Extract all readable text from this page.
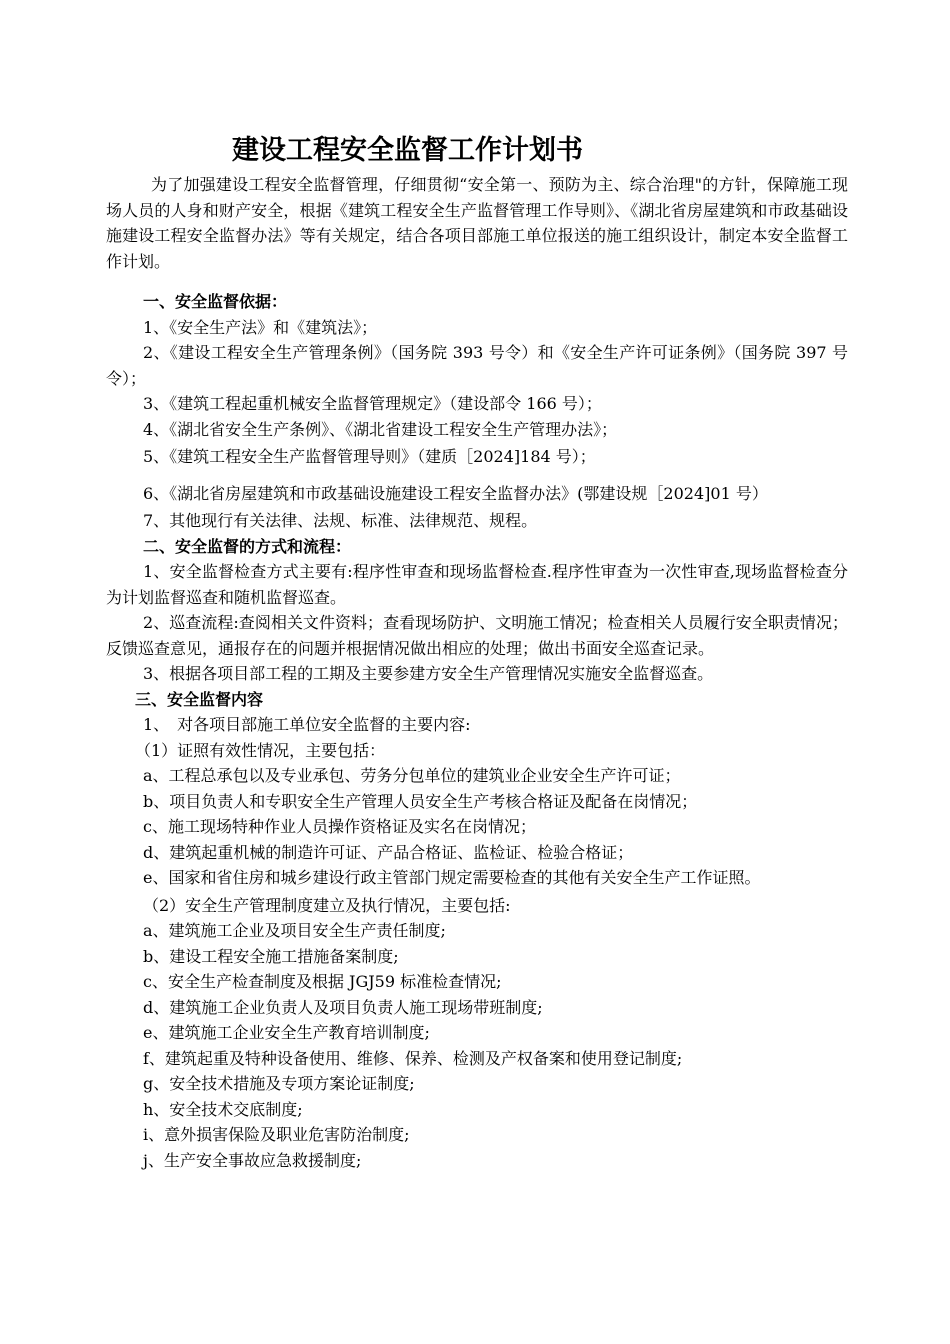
建设工程安全监督工作计划书

为了加强建设工程安全监督管理，仔细贯彻“安全第一、预防为主、综合治理"的方针，保障施工现场人员的人身和财产安全，根据《建筑工程安全生产监督管理工作导则》、《湖北省房屋建筑和市政基础设施建设工程安全监督办法》等有关规定，结合各项目部施工单位报送的施工组织设计，制定本安全监督工作计划。

一、安全监督依据：

1、《安全生产法》和《建筑法》；

2、《建设工程安全生产管理条例》（国务院 393 号令）和《安全生产许可证条例》（国务院 397 号令）；

3、《建筑工程起重机械安全监督管理规定》（建设部令 166 号）；

4、《湖北省安全生产条例》、《湖北省建设工程安全生产管理办法》；

5、《建筑工程安全生产监督管理导则》（建质［2024]184 号）；

6、《湖北省房屋建筑和市政基础设施建设工程安全监督办法》(鄂建设规［2024]01 号）

7、其他现行有关法律、法规、标准、法律规范、规程。

二、安全监督的方式和流程：

1、安全监督检查方式主要有:程序性审查和现场监督检查.程序性审查为一次性审查,现场监督检查分为计划监督巡查和随机监督巡查。

2、巡查流程:查阅相关文件资料；查看现场防护、文明施工情况；检查相关人员履行安全职责情况；反馈巡查意见，通报存在的问题并根据情况做出相应的处理；做出书面安全巡查记录。

3、根据各项目部工程的工期及主要参建方安全生产管理情况实施安全监督巡查。

三、安全监督内容

1、　对各项目部施工单位安全监督的主要内容:

（1）证照有效性情况，主要包括：

a、工程总承包以及专业承包、劳务分包单位的建筑业企业安全生产许可证；

b、项目负责人和专职安全生产管理人员安全生产考核合格证及配备在岗情况；

c、施工现场特种作业人员操作资格证及实名在岗情况；

d、建筑起重机械的制造许可证、产品合格证、监检证、检验合格证；

e、国家和省住房和城乡建设行政主管部门规定需要检查的其他有关安全生产工作证照。

（2）安全生产管理制度建立及执行情况，主要包括:

a、建筑施工企业及项目安全生产责任制度;

b、建设工程安全施工措施备案制度;

c、安全生产检查制度及根据 JGJ59 标准检查情况;

d、建筑施工企业负责人及项目负责人施工现场带班制度;

e、建筑施工企业安全生产教育培训制度;

f、建筑起重及特种设备使用、维修、保养、检测及产权备案和使用登记制度;

g、安全技术措施及专项方案论证制度;

h、安全技术交底制度;

i、意外损害保险及职业危害防治制度;

j、生产安全事故应急救援制度;
